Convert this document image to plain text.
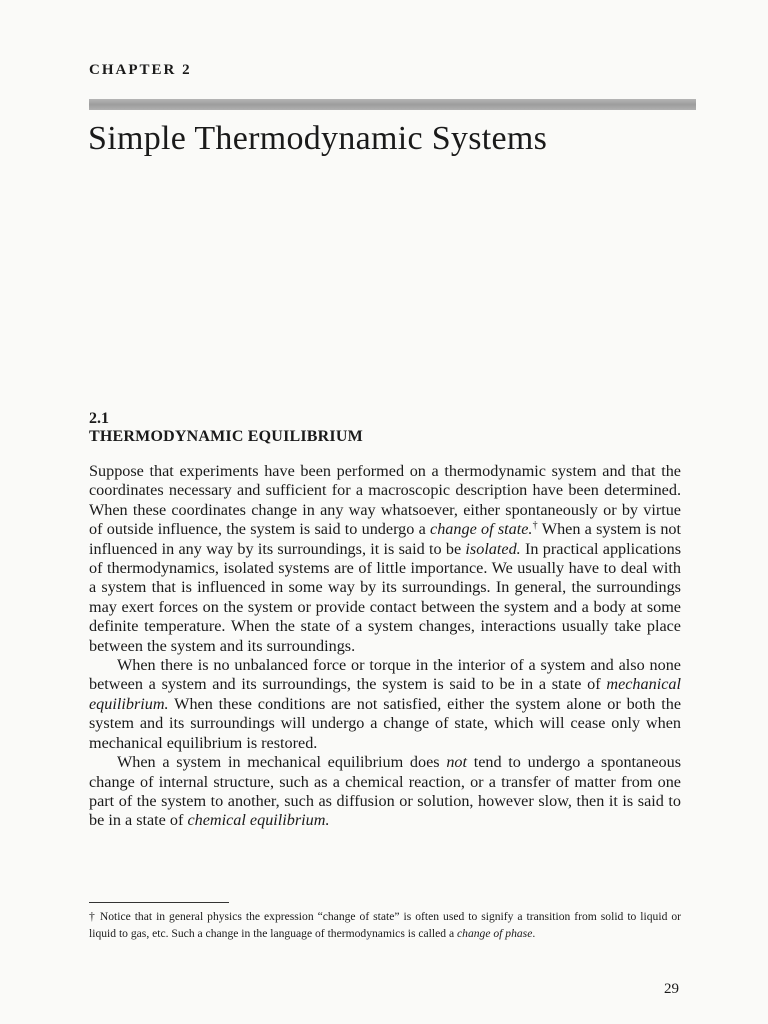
CHAPTER 2
Simple Thermodynamic Systems
2.1
THERMODYNAMIC EQUILIBRIUM

Suppose that experiments have been performed on a thermodynamic system and that the coordinates necessary and sufficient for a macroscopic description have been determined. When these coordinates change in any way whatsoever, either spontaneously or by virtue of outside influence, the system is said to undergo a change of state.† When a system is not influenced in any way by its surroundings, it is said to be isolated. In practical applications of thermodynamics, isolated systems are of little importance. We usually have to deal with a system that is influenced in some way by its surroundings. In general, the surroundings may exert forces on the system or provide contact between the system and a body at some definite temperature. When the state of a system changes, interactions usually take place between the system and its surroundings.

When there is no unbalanced force or torque in the interior of a system and also none between a system and its surroundings, the system is said to be in a state of mechanical equilibrium. When these conditions are not satisfied, either the system alone or both the system and its surroundings will undergo a change of state, which will cease only when mechanical equilibrium is restored.

When a system in mechanical equilibrium does not tend to undergo a spontaneous change of internal structure, such as a chemical reaction, or a transfer of matter from one part of the system to another, such as diffusion or solution, however slow, then it is said to be in a state of chemical equilibrium.

† Notice that in general physics the expression “change of state” is often used to signify a transition from solid to liquid or liquid to gas, etc. Such a change in the language of thermodynamics is called a change of phase.

29
